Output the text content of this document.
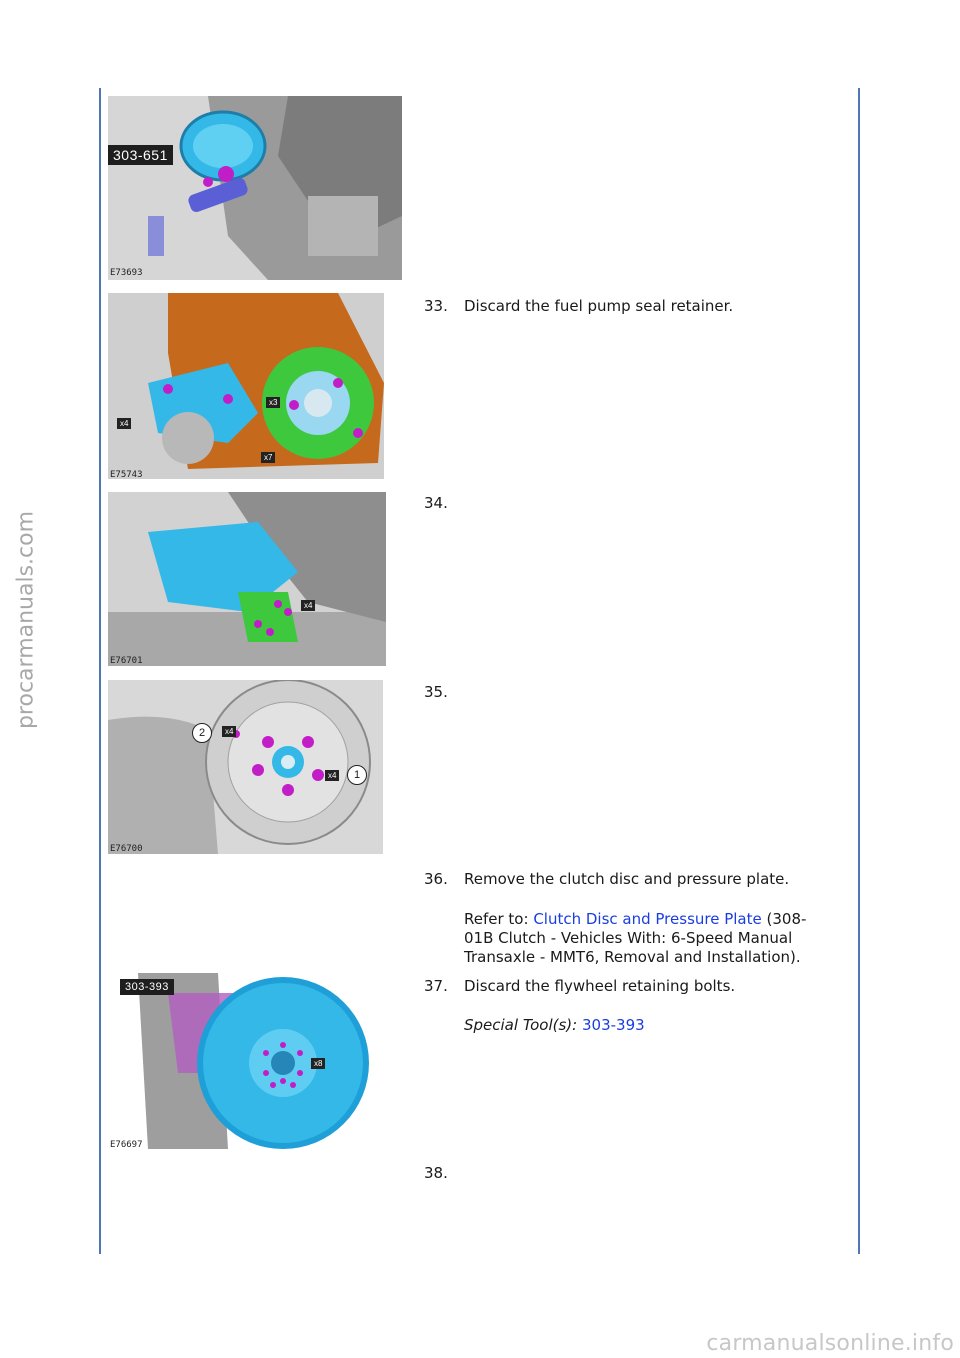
procarmanuals.com
carmanualsonline.info
303-651
E73693
x4
x3
x7
E75743
x4
E76701
2	x4
x4	1
E76700
303-393
x8
E76697
33. Discard the fuel pump seal retainer.
34.
35.
36. Remove the clutch disc and pressure plate.
Refer to: Clutch Disc and Pressure Plate (308-01B Clutch - Vehicles With: 6-Speed Manual Transaxle - MMT6, Removal and Installation).
37. Discard the flywheel retaining bolts.
Special Tool(s): 303-393
38.
